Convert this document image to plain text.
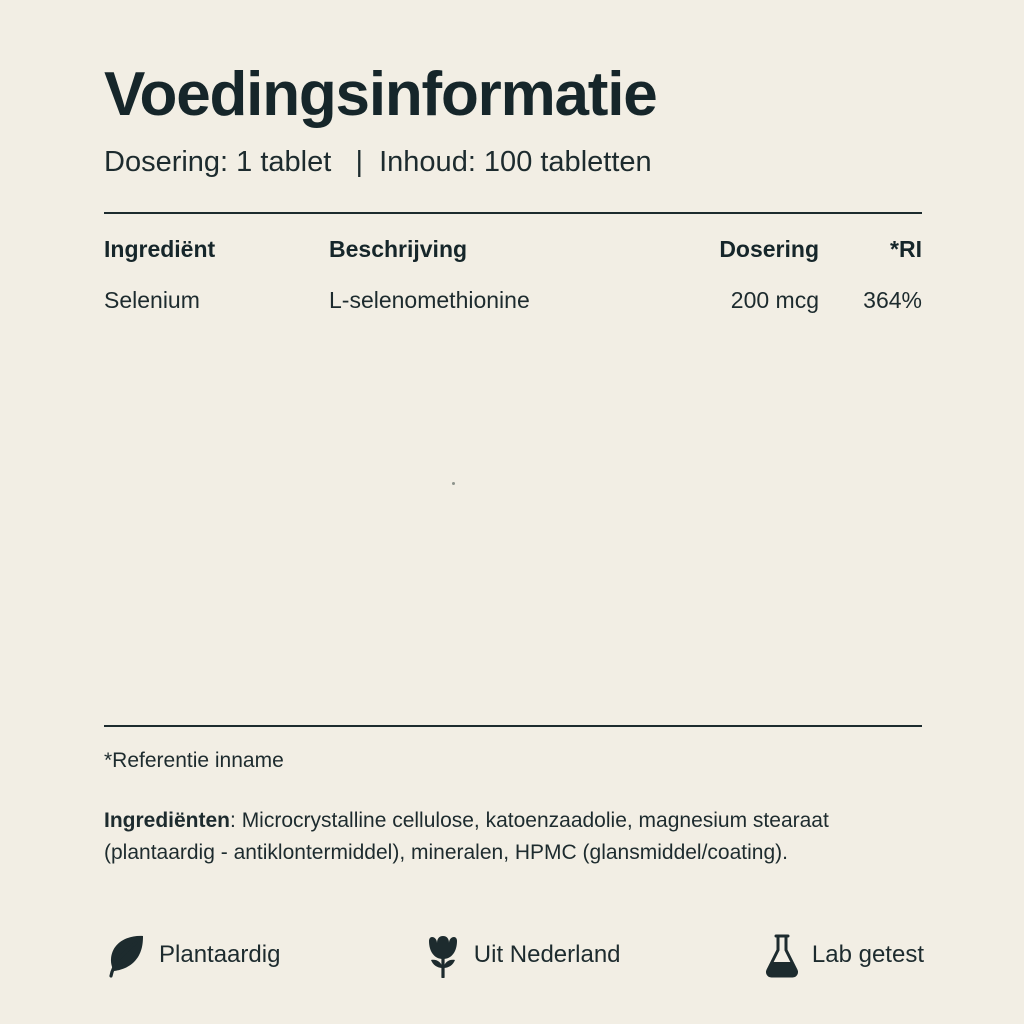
Voedingsinformatie
Dosering: 1 tablet   |  Inhoud: 100 tabletten
Ingrediënt	Beschrijving	Dosering	*RI
Selenium	L-selenomethionine	200 mcg	364%
*Referentie inname
Ingrediënten: Microcrystalline cellulose, katoenzaadolie, magnesium stearaat (plantaardig - antiklontermiddel), mineralen, HPMC (glansmiddel/coating).
Plantaardig	Uit Nederland	Lab getest
